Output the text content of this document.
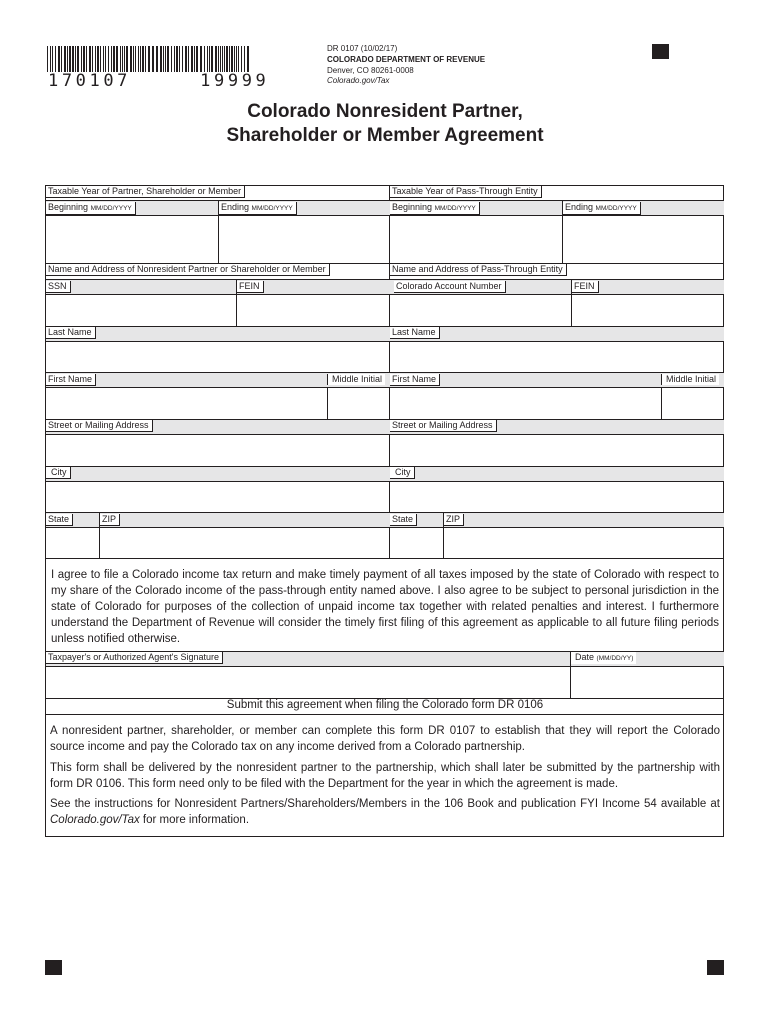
170107     19999
DR 0107 (10/02/17)
COLORADO DEPARTMENT OF REVENUE
Denver, CO 80261-0008
Colorado.gov/Tax
Colorado Nonresident Partner,
Shareholder or Member Agreement
Taxable Year of Partner, Shareholder or Member	Taxable Year of Pass-Through Entity
Beginning MM/DD/YYYY	Ending MM/DD/YYYY	Beginning MM/DD/YYYY	Ending MM/DD/YYYY
Name and Address of Nonresident Partner or Shareholder or Member	Name and Address of Pass-Through Entity
SSN	FEIN	Colorado Account Number	FEIN
Last Name	Last Name
First Name	Middle Initial	First Name	Middle Initial
Street or Mailing Address	Street or Mailing Address
City	City
State	ZIP	State	ZIP
I agree to file a Colorado income tax return and make timely payment of all taxes imposed by the state of Colorado with respect to my share of the Colorado income of the pass-through entity named above. I also agree to be subject to personal jurisdiction in the state of Colorado for purposes of the collection of unpaid income tax together with related penalties and interest. I furthermore understand the Department of Revenue will consider the timely first filing of this agreement as applicable to all future filing periods unless notified otherwise.
Taxpayer's or Authorized Agent's Signature	Date (MM/DD/YY)
Submit this agreement when filing the Colorado form DR 0106
A nonresident partner, shareholder, or member can complete this form DR 0107 to establish that they will report the Colorado source income and pay the Colorado tax on any income derived from a Colorado partnership.
This form shall be delivered by the nonresident partner to the partnership, which shall later be submitted by the partnership with form DR 0106. This form need only to be filed with the Department for the year in which the agreement is made.
See the instructions for Nonresident Partners/Shareholders/Members in the 106 Book and publication FYI Income 54 available at Colorado.gov/Tax for more information.
